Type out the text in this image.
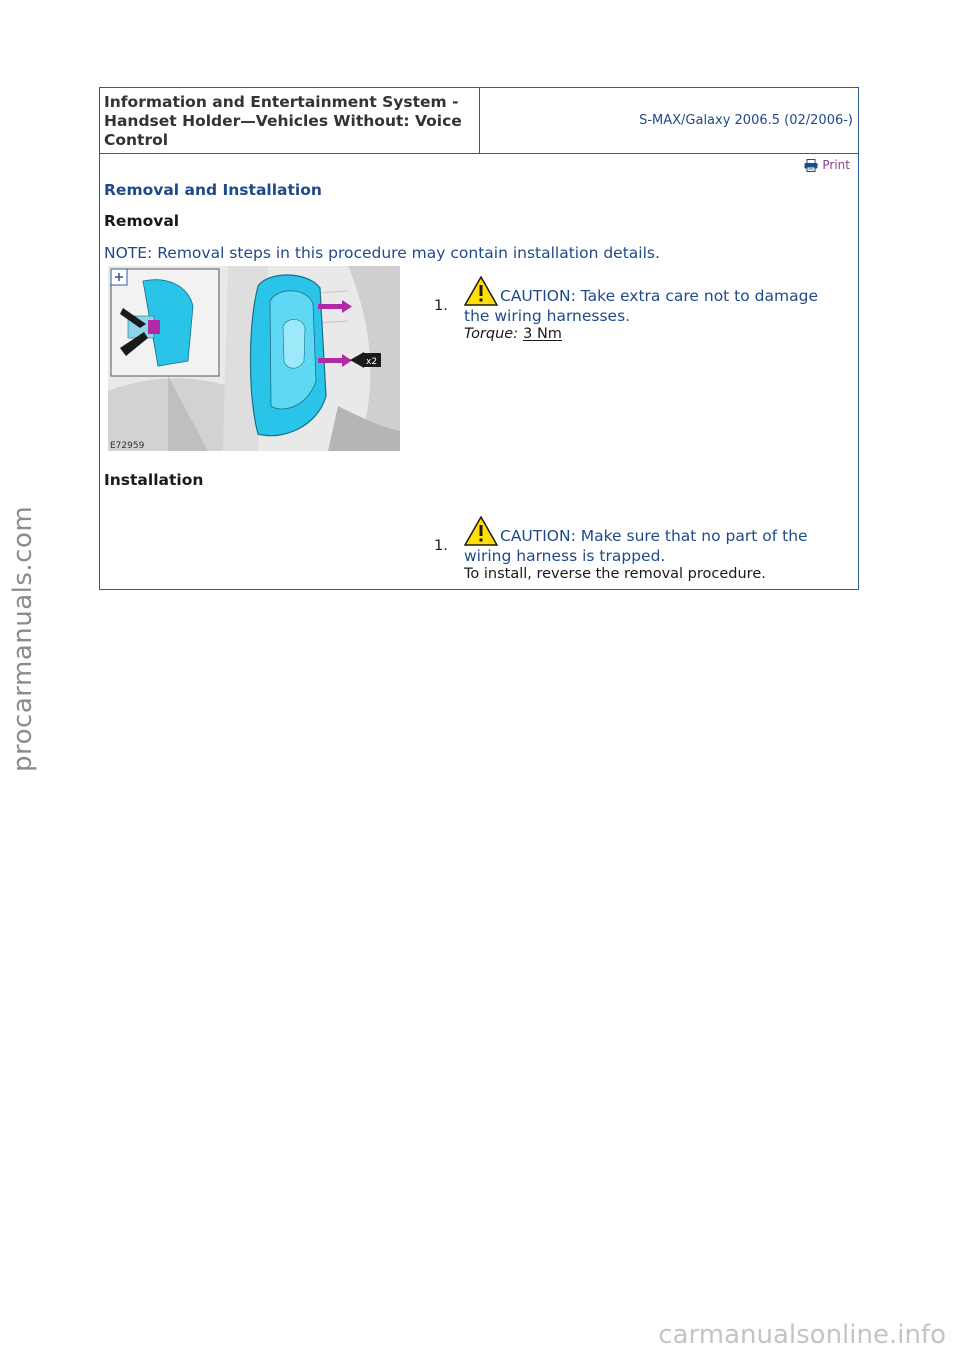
Information and Entertainment System - Handset Holder—Vehicles Without: Voice Control
S-MAX/Galaxy 2006.5 (02/2006-)
Print
Removal and Installation
Removal
NOTE: Removal steps in this procedure may contain installation details.
x2
E72959
1.
CAUTION: Take extra care not to damage the wiring harnesses.
Torque: 3 Nm
Installation
1.
CAUTION: Make sure that no part of the wiring harness is trapped.
To install, reverse the removal procedure.
procarmanuals.com
carmanualsonline.info
